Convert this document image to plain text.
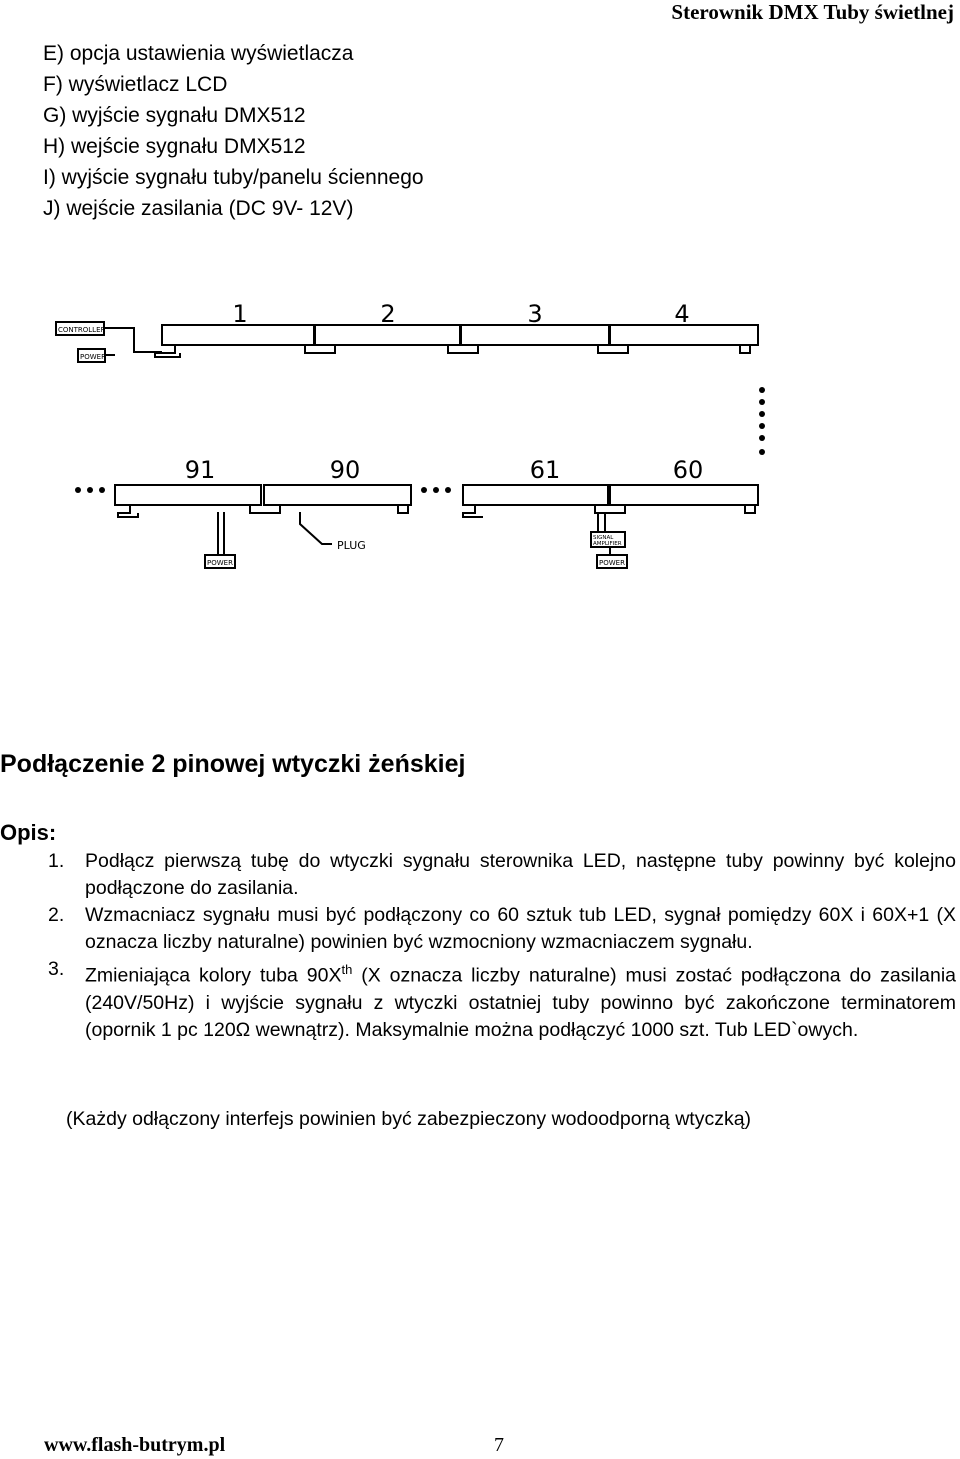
Sterownik DMX Tuby świetlnej
E) opcja ustawienia wyświetlacza
F) wyświetlacz LCD
G) wyjście sygnału DMX512
H) wejście sygnału DMX512
I) wyjście sygnału tuby/panelu ściennego
J) wejście zasilania (DC 9V- 12V)
1	2	3	4
91	90	61	60
CONTROLLER
POWER
POWER	POWER
SIGNAL
AMPLIFIER
PLUG
Podłączenie 2 pinowej wtyczki żeńskiej
Opis:
1. Podłącz pierwszą tubę do wtyczki sygnału sterownika LED, następne tuby powinny być kolejno podłączone do zasilania.
2. Wzmacniacz sygnału musi być podłączony co 60 sztuk tub LED, sygnał pomiędzy 60X i 60X+1 (X oznacza liczby naturalne) powinien być wzmocniony wzmacniaczem sygnału.
3. Zmieniająca kolory tuba 90Xth (X oznacza liczby naturalne) musi zostać podłączona do zasilania (240V/50Hz) i wyjście sygnału z wtyczki ostatniej tuby powinno być zakończone terminatorem (opornik 1 pc 120Ω wewnątrz). Maksymalnie można podłączyć 1000 szt. Tub LED`owych.
(Każdy odłączony interfejs powinien być zabezpieczony wodoodporną wtyczką)
www.flash-butrym.pl	7
